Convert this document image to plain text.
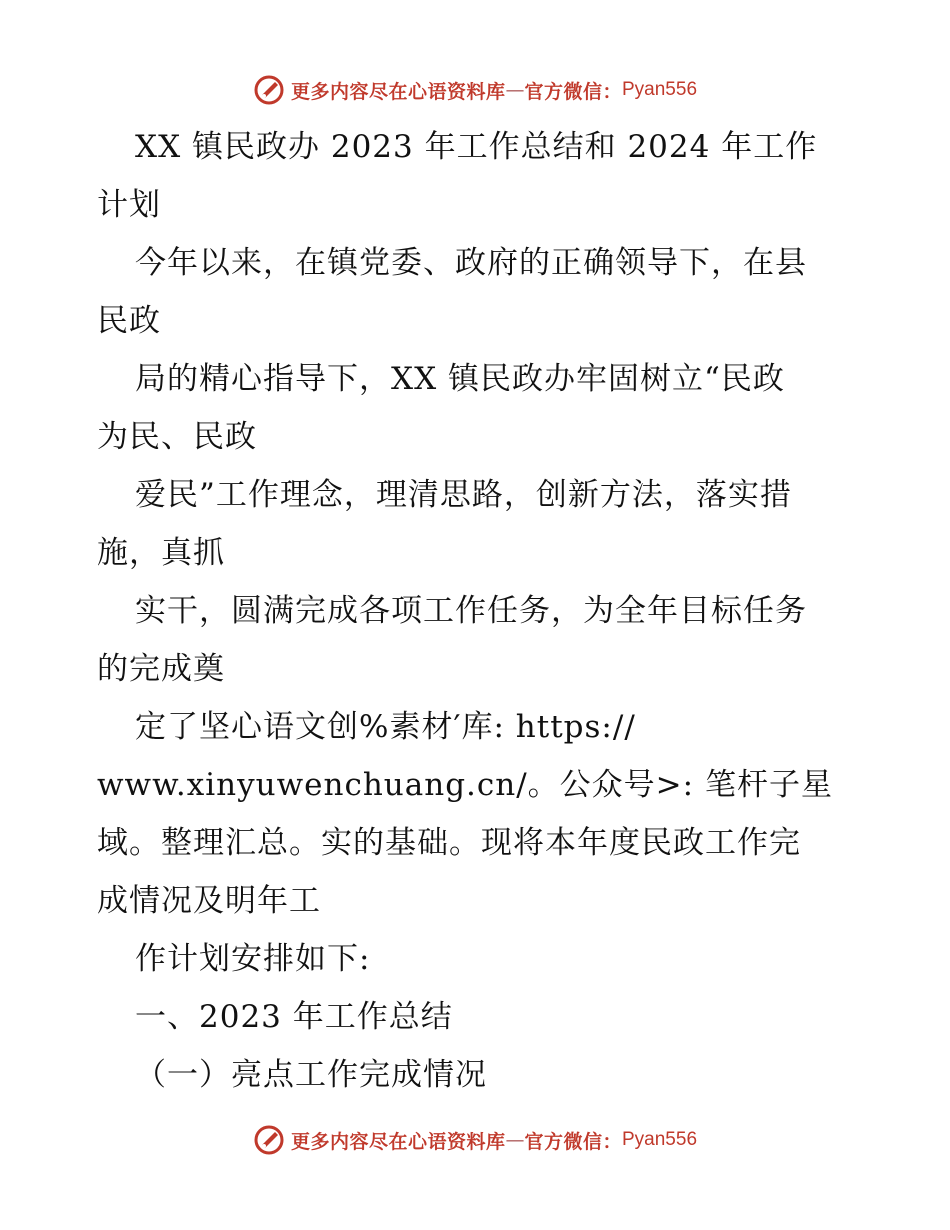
更多内容尽在心语资料库 — 官方微信： Pyan556
XX 镇民政办 2023 年工作总结和 2024 年工作
计划
今年以来，在镇党委、政府的正确领导下，在县
民政
局的精心指导下，XX 镇民政办牢固树立“民政
为民、民政
爱民”工作理念，理清思路，创新方法，落实措
施，真抓
实干，圆满完成各项工作任务，为全年目标任务
的完成奠
定了坚心语文创%素材′库: https://
www.xinyuwenchuang.cn/。公众号>: 笔杆子星
域。整理汇总。实的基础。现将本年度民政工作完
成情况及明年工
作计划安排如下:
一、2023 年工作总结
（一）亮点工作完成情况
更多内容尽在心语资料库 — 官方微信： Pyan556
